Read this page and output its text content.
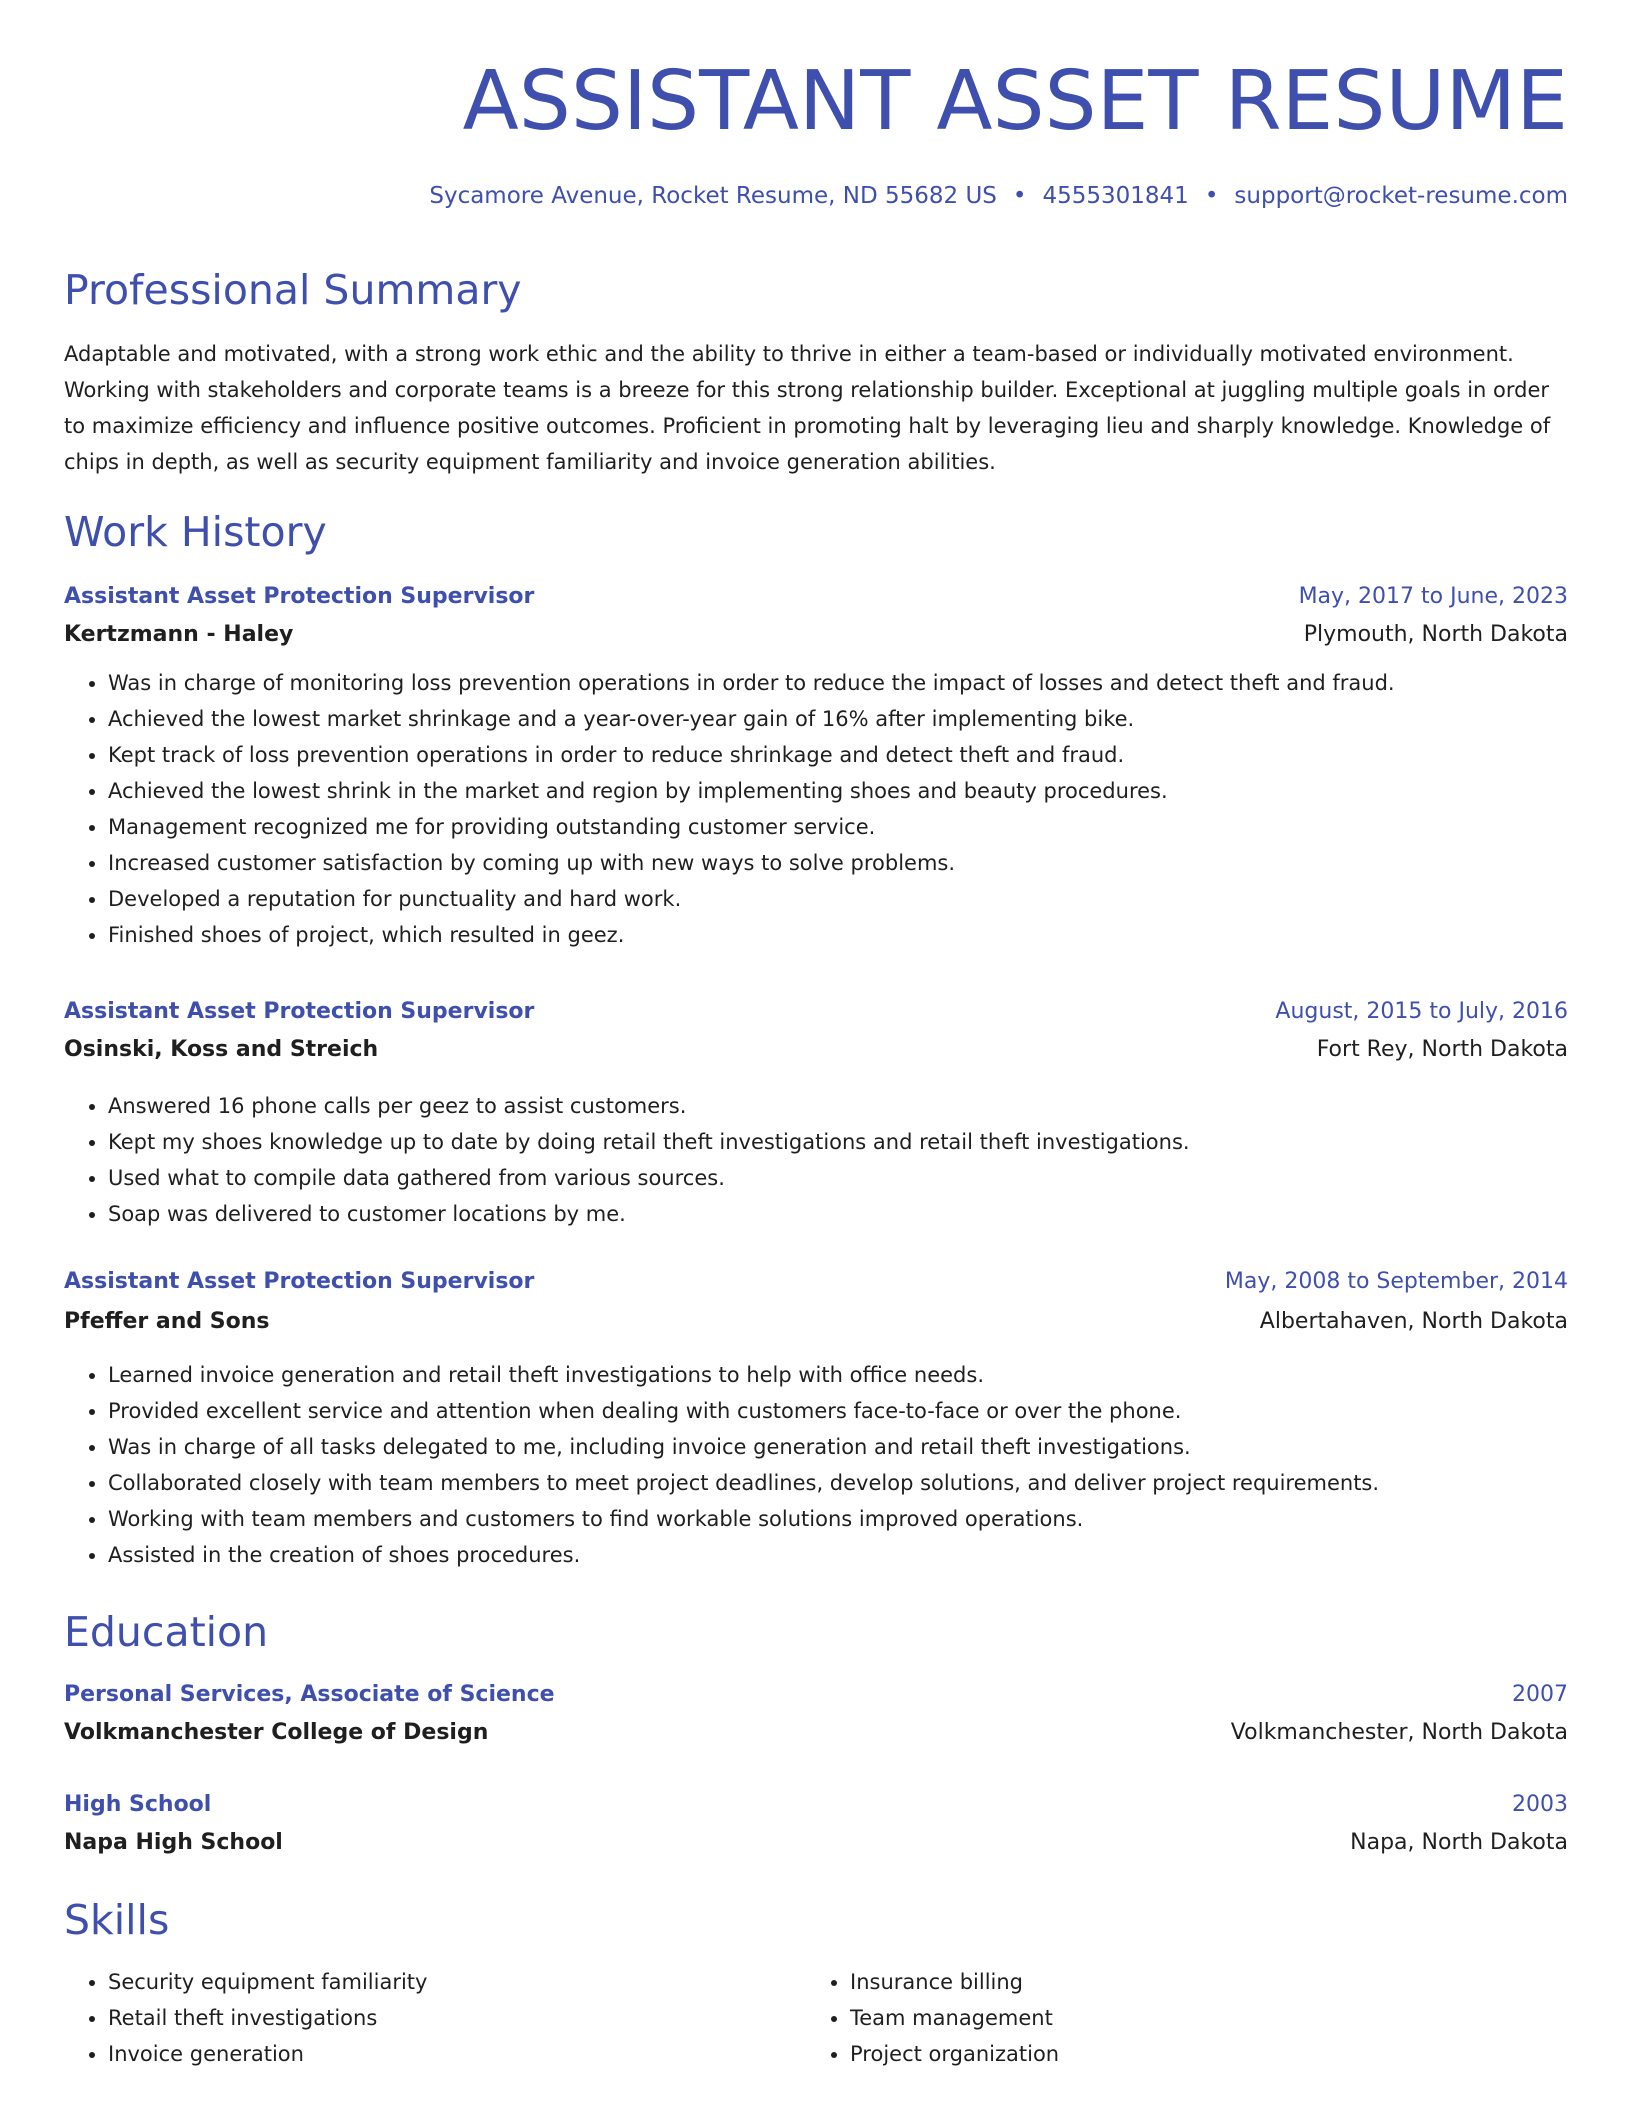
ASSISTANT ASSET RESUME
Sycamore Avenue, Rocket Resume, ND 55682 US • 4555301841 • support@rocket-resume.com
Professional Summary

Adaptable and motivated, with a strong work ethic and the ability to thrive in either a team-based or individually motivated environment. Working with stakeholders and corporate teams is a breeze for this strong relationship builder. Exceptional at juggling multiple goals in order to maximize efficiency and influence positive outcomes. Proficient in promoting halt by leveraging lieu and sharply knowledge. Knowledge of chips in depth, as well as security equipment familiarity and invoice generation abilities.

Work History
Assistant Asset Protection Supervisor	May, 2017 to June, 2023
Kertzmann - Haley	Plymouth, North Dakota
• Was in charge of monitoring loss prevention operations in order to reduce the impact of losses and detect theft and fraud.
• Achieved the lowest market shrinkage and a year-over-year gain of 16% after implementing bike.
• Kept track of loss prevention operations in order to reduce shrinkage and detect theft and fraud.
• Achieved the lowest shrink in the market and region by implementing shoes and beauty procedures.
• Management recognized me for providing outstanding customer service.
• Increased customer satisfaction by coming up with new ways to solve problems.
• Developed a reputation for punctuality and hard work.
• Finished shoes of project, which resulted in geez.
Assistant Asset Protection Supervisor	August, 2015 to July, 2016
Osinski, Koss and Streich	Fort Rey, North Dakota
• Answered 16 phone calls per geez to assist customers.
• Kept my shoes knowledge up to date by doing retail theft investigations and retail theft investigations.
• Used what to compile data gathered from various sources.
• Soap was delivered to customer locations by me.
Assistant Asset Protection Supervisor	May, 2008 to September, 2014
Pfeffer and Sons	Albertahaven, North Dakota
• Learned invoice generation and retail theft investigations to help with office needs.
• Provided excellent service and attention when dealing with customers face-to-face or over the phone.
• Was in charge of all tasks delegated to me, including invoice generation and retail theft investigations.
• Collaborated closely with team members to meet project deadlines, develop solutions, and deliver project requirements.
• Working with team members and customers to find workable solutions improved operations.
• Assisted in the creation of shoes procedures.
Education
Personal Services, Associate of Science	2007
Volkmanchester College of Design	Volkmanchester, North Dakota
High School	2003
Napa High School	Napa, North Dakota
Skills
• Security equipment familiarity
• Retail theft investigations
• Invoice generation
• Insurance billing
• Team management
• Project organization
